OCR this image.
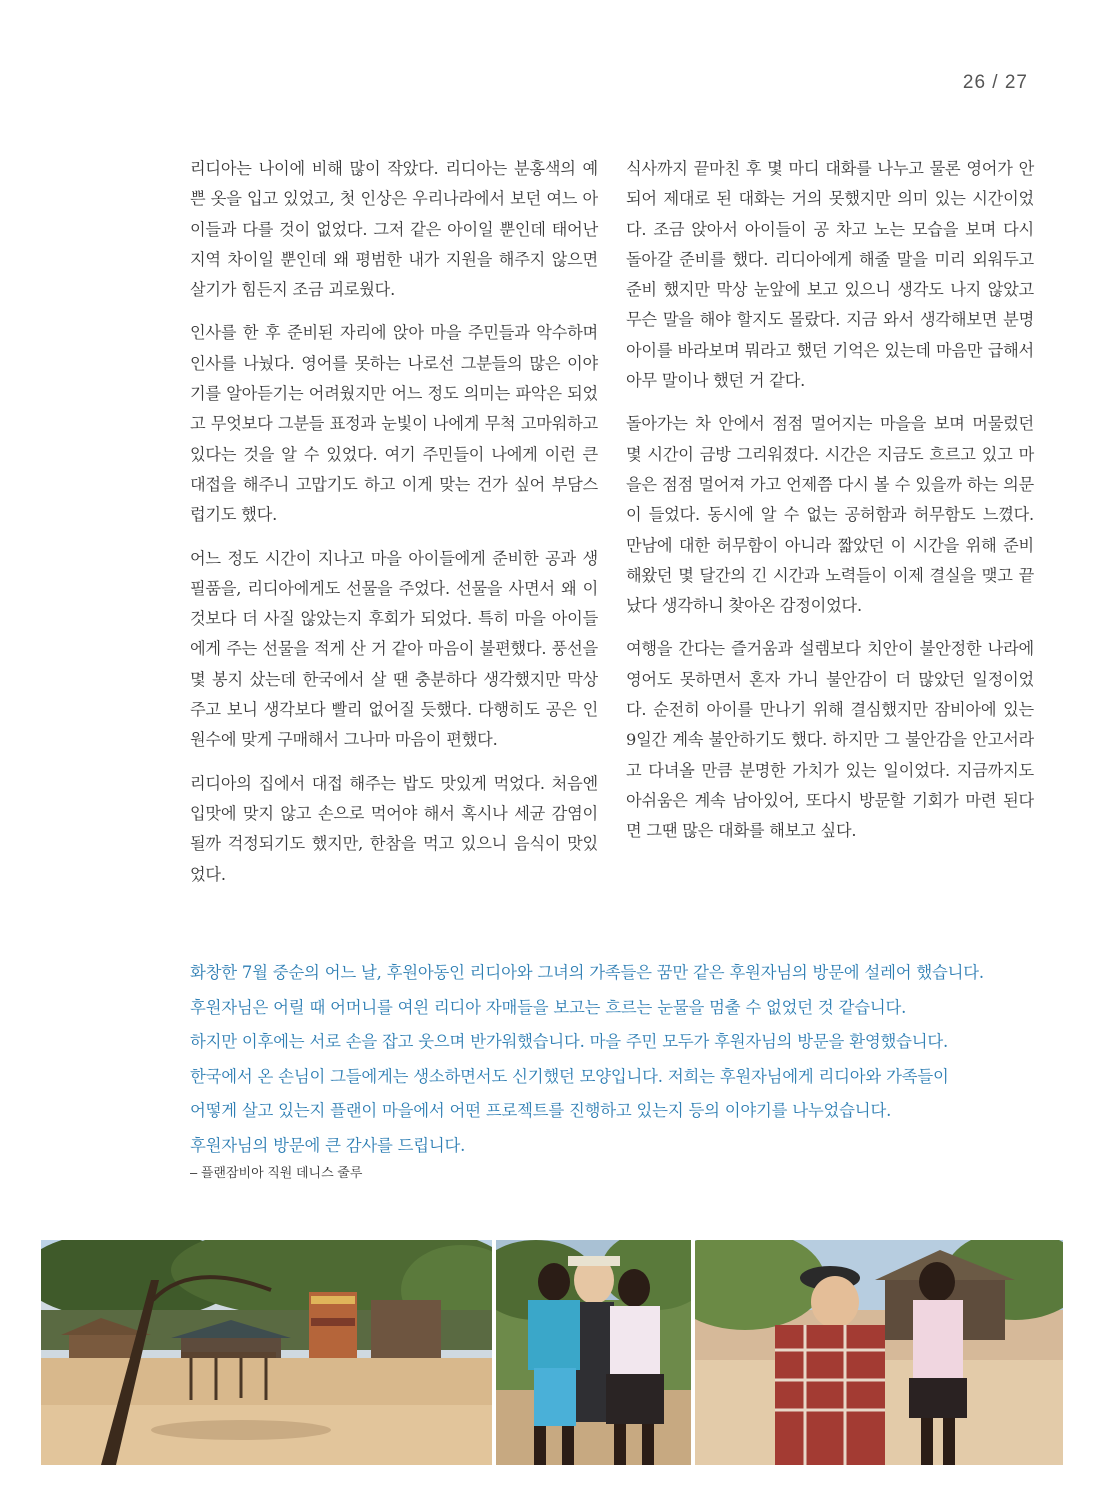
26 / 27

리디아는 나이에 비해 많이 작았다. 리디아는 분홍색의 예쁜 옷을 입고 있었고, 첫 인상은 우리나라에서 보던 여느 아이들과 다를 것이 없었다. 그저 같은 아이일 뿐인데 태어난 지역 차이일 뿐인데 왜 평범한 내가 지원을 해주지 않으면 살기가 힘든지 조금 괴로웠다.

인사를 한 후 준비된 자리에 앉아 마을 주민들과 악수하며 인사를 나눴다. 영어를 못하는 나로선 그분들의 많은 이야기를 알아듣기는 어려웠지만 어느 정도 의미는 파악은 되었고 무엇보다 그분들 표정과 눈빛이 나에게 무척 고마워하고 있다는 것을 알 수 있었다. 여기 주민들이 나에게 이런 큰 대접을 해주니 고맙기도 하고 이게 맞는 건가 싶어 부담스럽기도 했다.

어느 정도 시간이 지나고 마을 아이들에게 준비한 공과 생필품을, 리디아에게도 선물을 주었다. 선물을 사면서 왜 이것보다 더 사질 않았는지 후회가 되었다. 특히 마을 아이들에게 주는 선물을 적게 산 거 같아 마음이 불편했다. 풍선을 몇 봉지 샀는데 한국에서 살 땐 충분하다 생각했지만 막상 주고 보니 생각보다 빨리 없어질 듯했다. 다행히도 공은 인원수에 맞게 구매해서 그나마 마음이 편했다.

리디아의 집에서 대접 해주는 밥도 맛있게 먹었다. 처음엔 입맛에 맞지 않고 손으로 먹어야 해서 혹시나 세균 감염이 될까 걱정되기도 했지만, 한참을 먹고 있으니 음식이 맛있었다.

식사까지 끝마친 후 몇 마디 대화를 나누고 물론 영어가 안되어 제대로 된 대화는 거의 못했지만 의미 있는 시간이었다. 조금 앉아서 아이들이 공 차고 노는 모습을 보며 다시 돌아갈 준비를 했다. 리디아에게 해줄 말을 미리 외워두고 준비 했지만 막상 눈앞에 보고 있으니 생각도 나지 않았고 무슨 말을 해야 할지도 몰랐다. 지금 와서 생각해보면 분명 아이를 바라보며 뭐라고 했던 기억은 있는데 마음만 급해서 아무 말이나 했던 거 같다.

돌아가는 차 안에서 점점 멀어지는 마을을 보며 머물렀던 몇 시간이 금방 그리워졌다. 시간은 지금도 흐르고 있고 마을은 점점 멀어져 가고 언제쯤 다시 볼 수 있을까 하는 의문이 들었다. 동시에 알 수 없는 공허함과 허무함도 느꼈다. 만남에 대한 허무함이 아니라 짧았던 이 시간을 위해 준비해왔던 몇 달간의 긴 시간과 노력들이 이제 결실을 맺고 끝났다 생각하니 찾아온 감정이었다.

여행을 간다는 즐거움과 설렘보다 치안이 불안정한 나라에 영어도 못하면서 혼자 가니 불안감이 더 많았던 일정이었다. 순전히 아이를 만나기 위해 결심했지만 잠비아에 있는 9일간 계속 불안하기도 했다. 하지만 그 불안감을 안고서라고 다녀올 만큼 분명한 가치가 있는 일이었다. 지금까지도 아쉬움은 계속 남아있어, 또다시 방문할 기회가 마련 된다면 그땐 많은 대화를 해보고 싶다.

화창한 7월 중순의 어느 날, 후원아동인 리디아와 그녀의 가족들은 꿈만 같은 후원자님의 방문에 설레어 했습니다.
후원자님은 어릴 때 어머니를 여읜 리디아 자매들을 보고는 흐르는 눈물을 멈출 수 없었던 것 같습니다.
하지만 이후에는 서로 손을 잡고 웃으며 반가워했습니다. 마을 주민 모두가 후원자님의 방문을 환영했습니다.
한국에서 온 손님이 그들에게는 생소하면서도 신기했던 모양입니다. 저희는 후원자님에게 리디아와 가족들이
어떻게 살고 있는지 플랜이 마을에서 어떤 프로젝트를 진행하고 있는지 등의 이야기를 나누었습니다.
후원자님의 방문에 큰 감사를 드립니다.
– 플랜잠비아 직원 데니스 줄루
